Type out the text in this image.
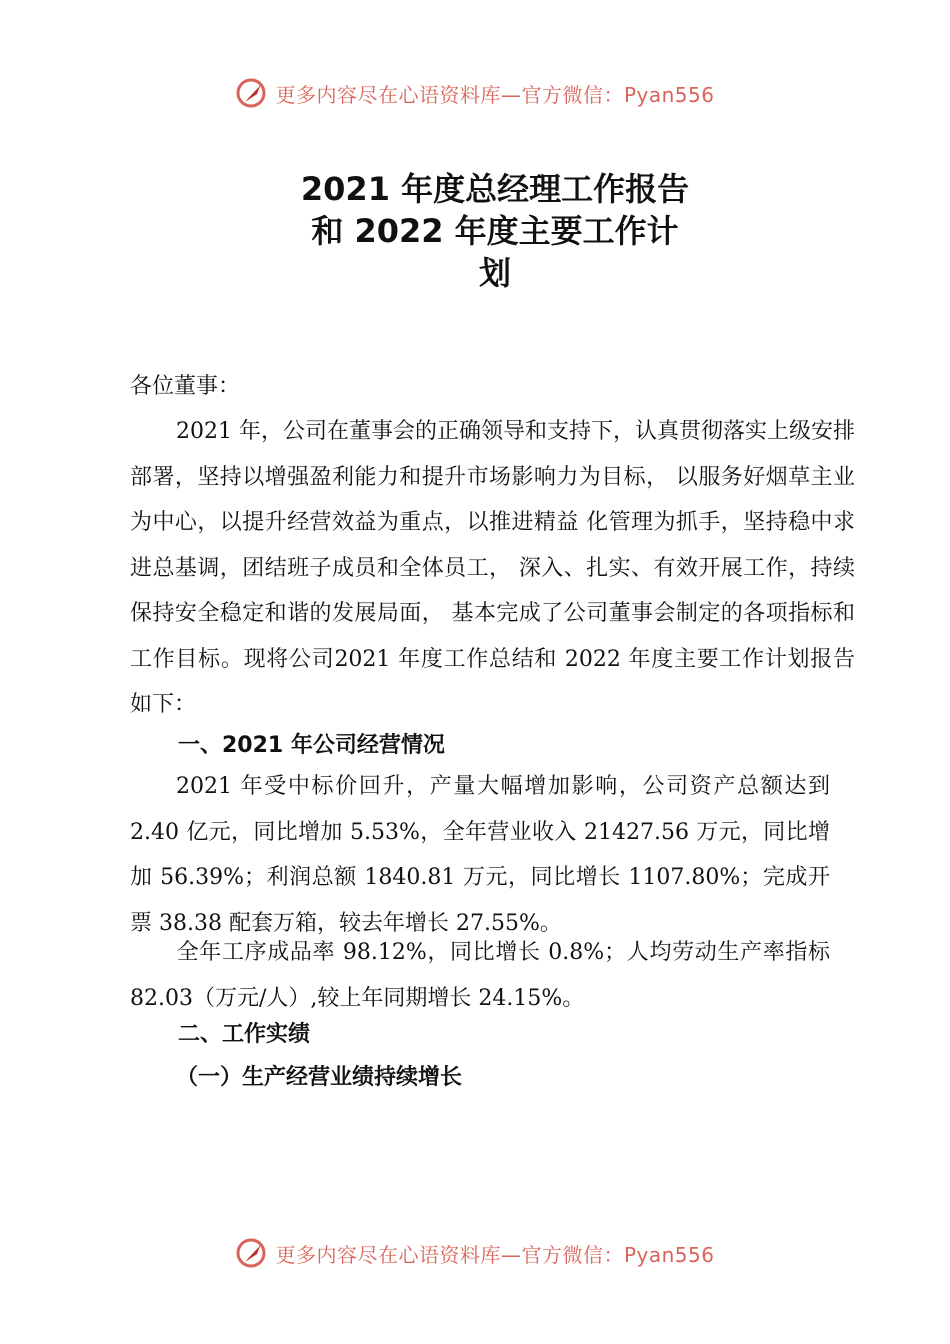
更多内容尽在心语资料库—官方微信：Pyan556
2021 年度总经理工作报告
和 2022 年度主要工作计
划
各位董事：
2021 年，公司在董事会的正确领导和支持下，认真贯彻落实上级安排部署，坚持以增强盈利能力和提升市场影响力为目标， 以服务好烟草主业为中心，以提升经营效益为重点，以推进精益 化管理为抓手，坚持稳中求进总基调，团结班子成员和全体员工， 深入、扎实、有效开展工作，持续保持安全稳定和谐的发展局面， 基本完成了公司董事会制定的各项指标和工作目标。现将公司2021 年度工作总结和 2022 年度主要工作计划报告如下：
一、2021 年公司经营情况
2021 年受中标价回升，产量大幅增加影响，公司资产总额达到 2.40 亿元，同比增加 5.53%，全年营业收入 21427.56 万元，同比增加 56.39%；利润总额 1840.81 万元，同比增长 1107.80%；完成开票 38.38 配套万箱，较去年增长 27.55%。
全年工序成品率 98.12%，同比增长 0.8%；人均劳动生产率指标 82.03（万元/人）,较上年同期增长 24.15%。
二、工作实绩
（一）生产经营业绩持续增长
更多内容尽在心语资料库—官方微信：Pyan556
